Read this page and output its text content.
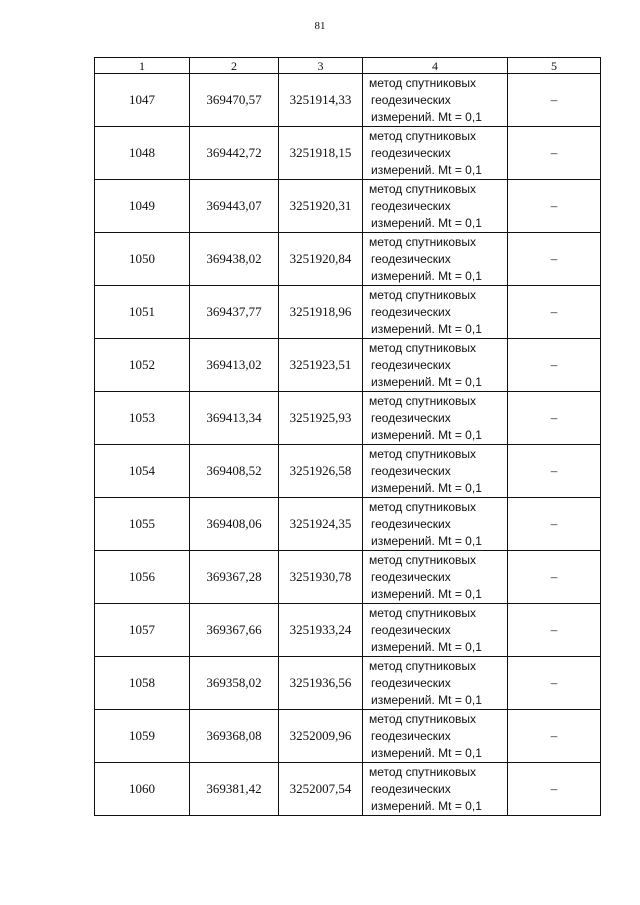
81
1	2	3	4	5
1047	369470,57	3251914,33	метод спутниковых
геодезических
измерений. Mt = 0,1	–
1048	369442,72	3251918,15	метод спутниковых
геодезических
измерений. Mt = 0,1	–
1049	369443,07	3251920,31	метод спутниковых
геодезических
измерений. Mt = 0,1	–
1050	369438,02	3251920,84	метод спутниковых
геодезических
измерений. Mt = 0,1	–
1051	369437,77	3251918,96	метод спутниковых
геодезических
измерений. Mt = 0,1	–
1052	369413,02	3251923,51	метод спутниковых
геодезических
измерений. Mt = 0,1	–
1053	369413,34	3251925,93	метод спутниковых
геодезических
измерений. Mt = 0,1	–
1054	369408,52	3251926,58	метод спутниковых
геодезических
измерений. Mt = 0,1	–
1055	369408,06	3251924,35	метод спутниковых
геодезических
измерений. Mt = 0,1	–
1056	369367,28	3251930,78	метод спутниковых
геодезических
измерений. Mt = 0,1	–
1057	369367,66	3251933,24	метод спутниковых
геодезических
измерений. Mt = 0,1	–
1058	369358,02	3251936,56	метод спутниковых
геодезических
измерений. Mt = 0,1	–
1059	369368,08	3252009,96	метод спутниковых
геодезических
измерений. Mt = 0,1	–
1060	369381,42	3252007,54	метод спутниковых
геодезических
измерений. Mt = 0,1	–
